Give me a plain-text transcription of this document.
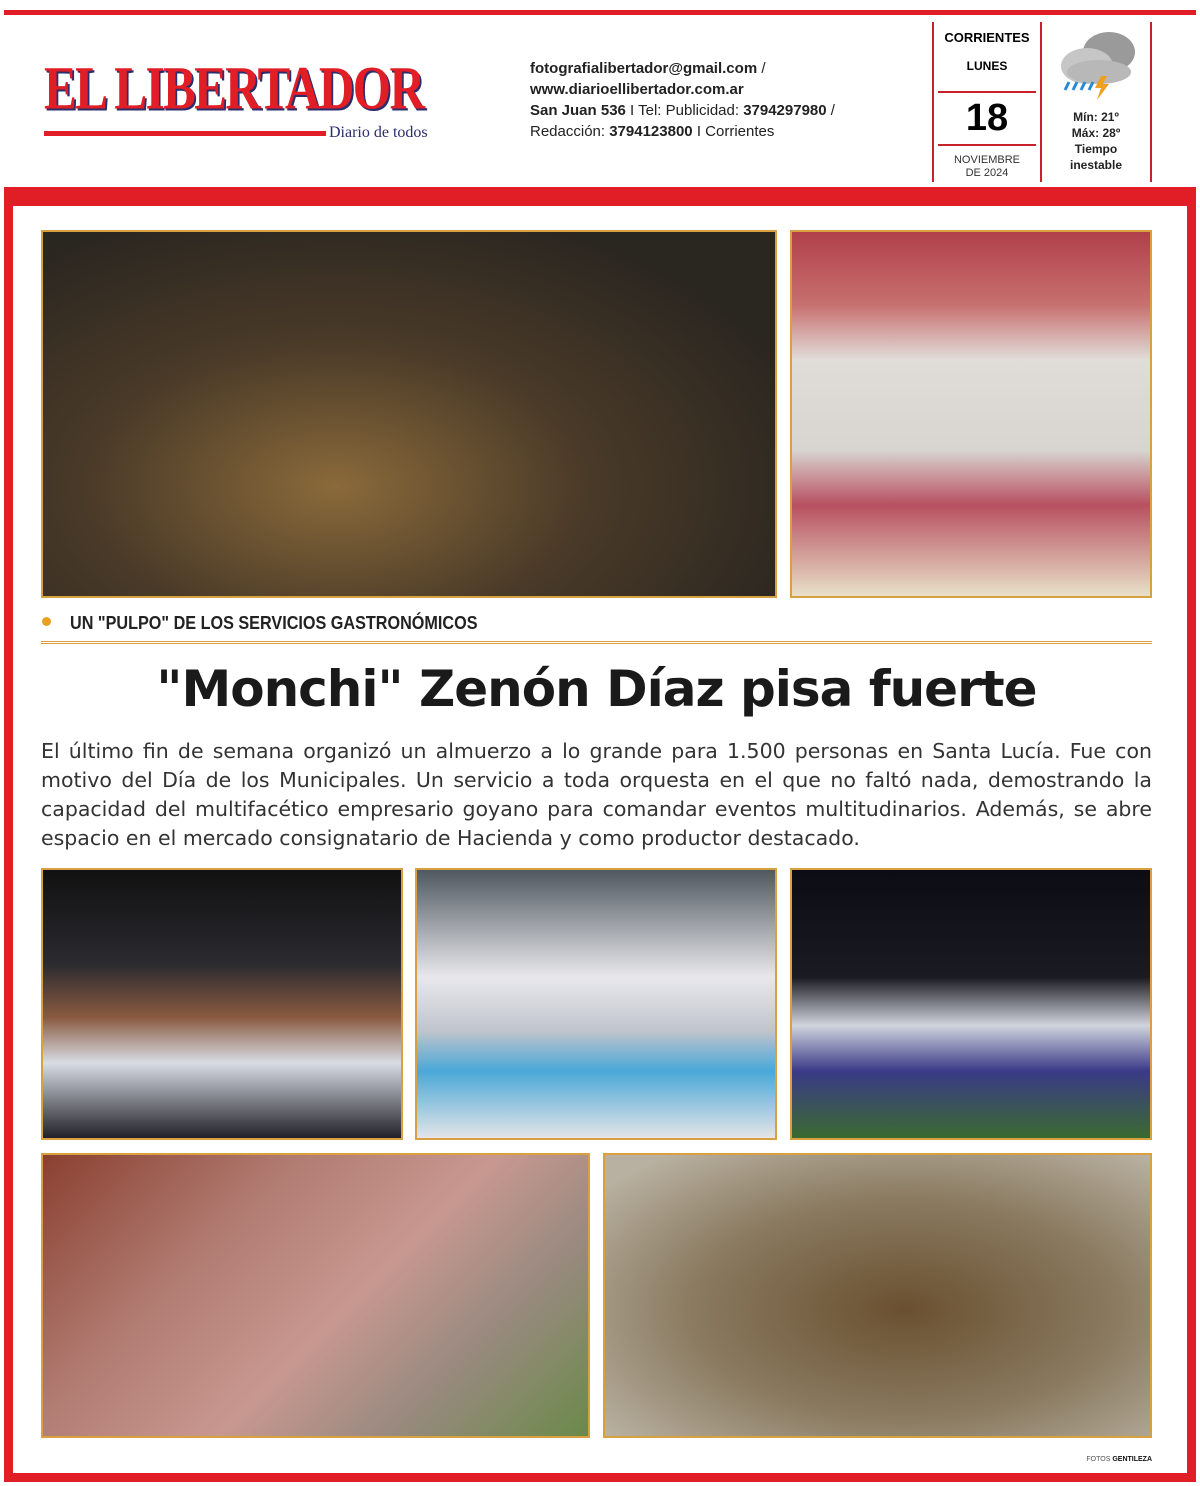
EL LIBERTADOR
Diario de todos
fotografialibertador@gmail.com /
www.diarioellibertador.com.ar
San Juan 536 I Tel: Publicidad: 3794297980 /
Redacción: 3794123800 I Corrientes
CORRIENTES
LUNES
18
NOVIEMBRE
DE 2024
Mín: 21º
Máx: 28º
Tiempo
inestable
UN "PULPO" DE LOS SERVICIOS GASTRONÓMICOS
"Monchi" Zenón Díaz pisa fuerte
El último fin de semana organizó un almuerzo a lo grande para 1.500 personas en Santa Lucía. Fue con motivo del Día de los Municipales. Un servicio a toda orquesta en el que no faltó nada, demostrando la capacidad del multifacético empresario goyano para comandar eventos multitudinarios. Además, se abre espacio en el mercado consignatario de Hacienda y como productor destacado.
FOTOS GENTILEZA
